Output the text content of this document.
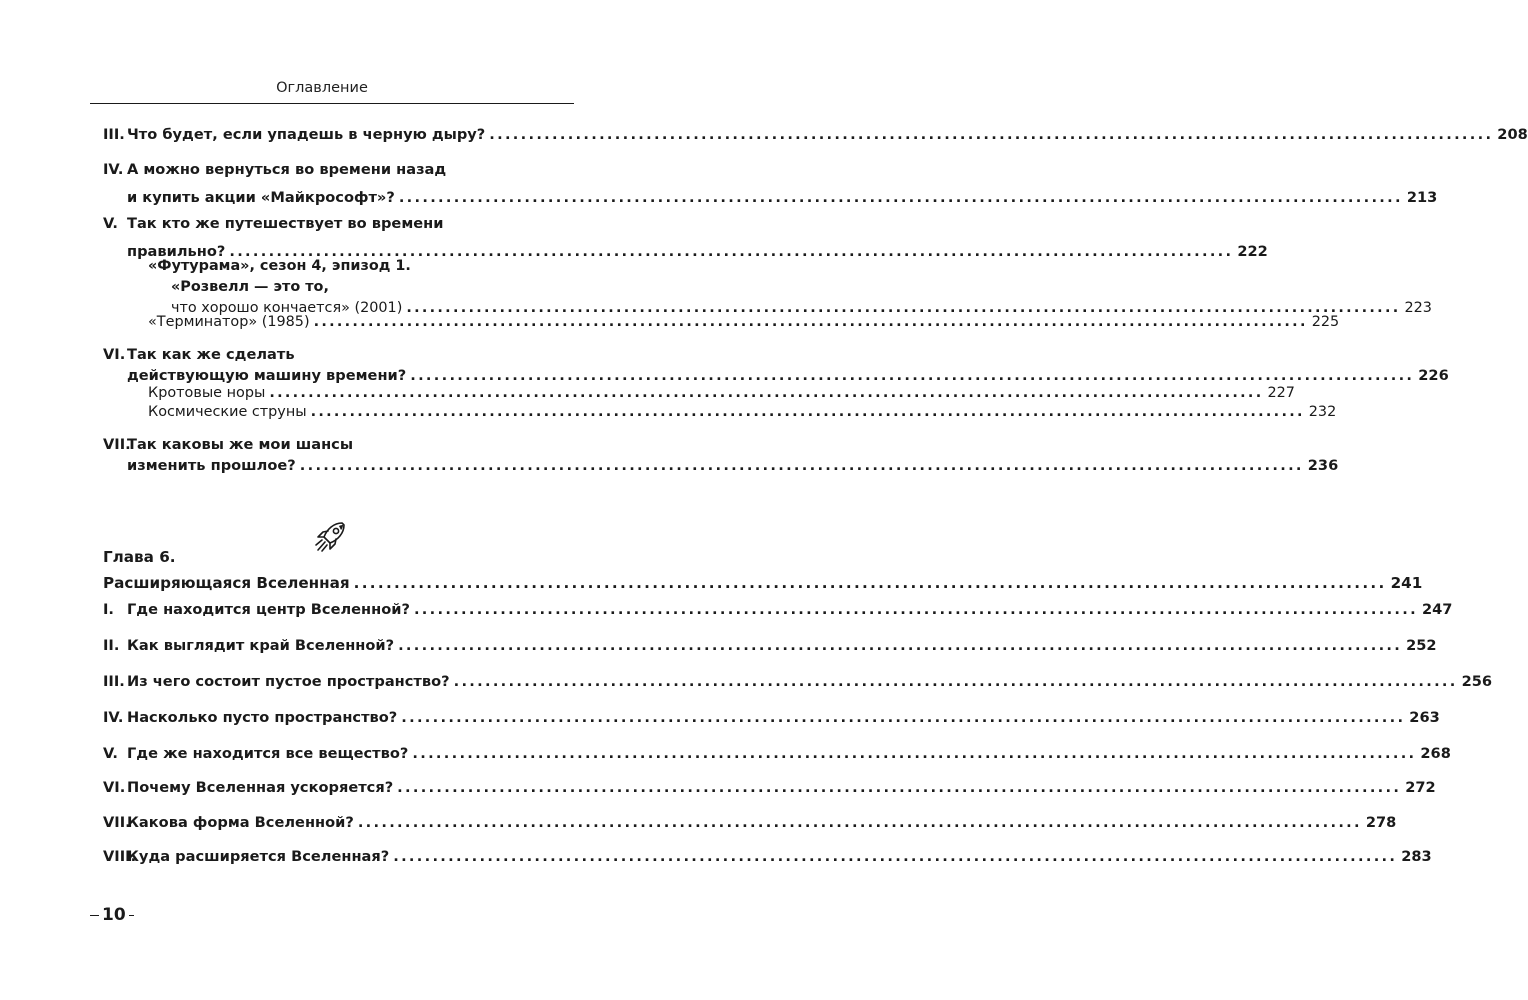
Оглавление
III. Что будет, если упадешь в черную дыру? ................................................................................................................................ 208
IV. А можно вернуться во времени назад
и купить акции «Майкрософт»? ................................................................................................................................ 213
V. Так кто же путешествует во времени
правильно? ................................................................................................................................ 222
«Футурама», сезон 4, эпизод 1.
«Розвелл — это то,
что хорошо кончается» (2001) ................................................................................................................................ 223
«Терминатор» (1985) ................................................................................................................................ 225
VI. Так как же сделать
действующую машину времени? ................................................................................................................................ 226
Кротовые норы ................................................................................................................................ 227
Космические струны ................................................................................................................................ 232
VII.
Так каковы же мои шансы
изменить прошлое? ................................................................................................................................ 236
Глава 6.
Расширяющаяся Вселенная ................................................................................................................................ 241
I. Где находится центр Вселенной? ................................................................................................................................ 247
II. Как выглядит край Вселенной? ................................................................................................................................ 252
III. Из чего состоит пустое пространство? ................................................................................................................................ 256
IV. Насколько пусто пространство? ................................................................................................................................ 263
V. Где же находится все вещество? ................................................................................................................................ 268
VI. Почему Вселенная ускоряется? ................................................................................................................................ 272
VII.
Какова форма Вселенной? ................................................................................................................................ 278
VIII.
Куда расширяется Вселенная? ................................................................................................................................ 283
10
